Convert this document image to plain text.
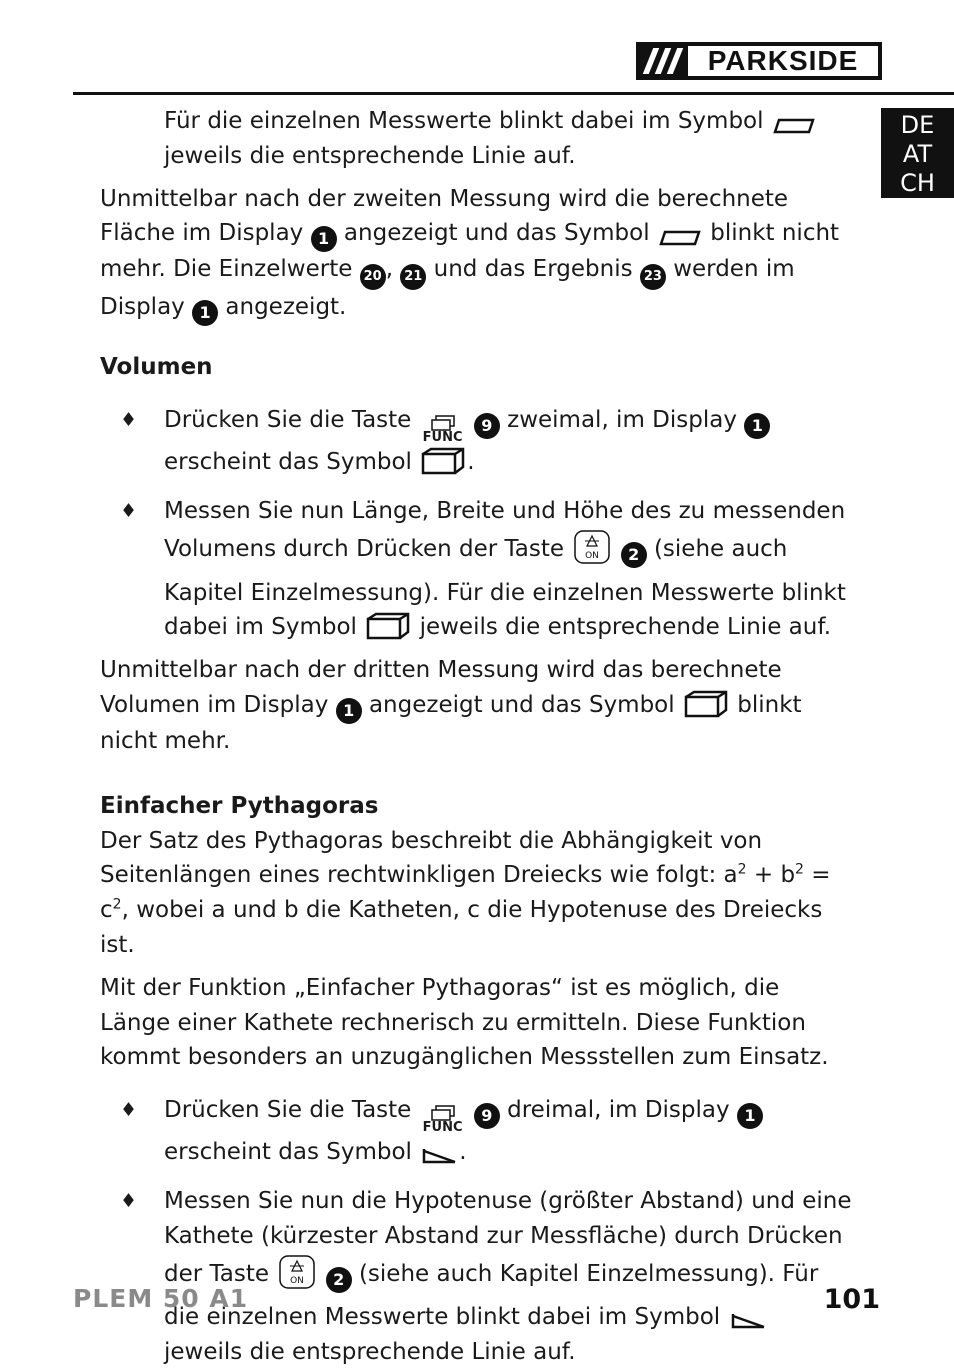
PARKSIDE
DE
AT
CH

Für die einzelnen Messwerte blinkt dabei im Symbol  jeweils die entsprechende Linie auf.

Unmittelbar nach der zweiten Messung wird die berechnete Fläche im Display 1 angezeigt und das Symbol	blinkt nicht mehr. Die Einzelwerte 20 , 21 und das Ergebnis 23 werden im Display 1 angezeigt.

Volumen

♦ Drücken Sie die Taste
FUNC 9 zweimal, im Display 1 erscheint das Symbol .

♦ Messen Sie nun Länge, Breite und Höhe des zu messenden Volumens durch Drücken der Taste ON 2 (siehe auch Kapitel Einzelmessung). Für die einzelnen Messwerte blinkt dabei im Symbol	jeweils die entsprechende Linie auf.

Unmittelbar nach der dritten Messung wird das berechnete Volumen im Display 1 angezeigt und das Symbol	blinkt nicht mehr.

Einfacher Pythagoras

Der Satz des Pythagoras beschreibt die Abhängigkeit von Seitenlängen eines rechtwinkligen Dreiecks wie folgt: $a^2 + b^2 = c^2$, wobei a und b die Katheten, c die Hypotenuse des Dreiecks ist.

Mit der Funktion „Einfacher Pythagoras“ ist es möglich, die Länge einer Kathete rechnerisch zu ermitteln. Diese Funktion kommt besonders an unzugänglichen Messstellen zum Einsatz.

♦ Drücken Sie die Taste
FUNC 9 dreimal, im Display 1 erscheint das Symbol .

♦ Messen Sie nun die Hypotenuse (größter Abstand) und eine Kathete (kürzester Abstand zur Messfläche) durch Drücken der Taste ON 2 (siehe auch Kapitel Einzelmessung). Für die einzelnen Messwerte blinkt dabei im Symbol  jeweils die entsprechende Linie auf.

PLEM 50 A1	101
